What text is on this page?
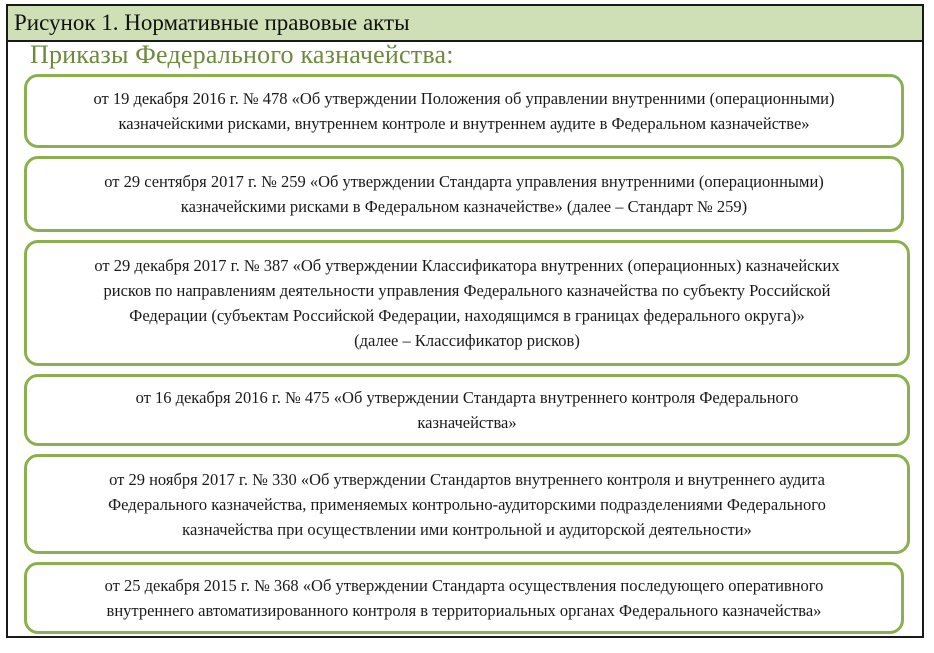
Рисунок 1. Нормативные правовые акты
Приказы Федерального казначейства:
от 19 декабря 2016 г. № 478 «Об утверждении Положения об управлении внутренними (операционными)
казначейскими рисками, внутреннем контроле и внутреннем аудите в Федеральном казначействе»
от 29 сентября 2017 г. № 259 «Об утверждении Стандарта управления внутренними (операционными)
казначейскими рисками в Федеральном казначействе» (далее – Стандарт № 259)
от 29 декабря 2017 г. № 387 «Об утверждении Классификатора внутренних (операционных) казначейских
рисков по направлениям деятельности управления Федерального казначейства по субъекту Российской
Федерации (субъектам Российской Федерации, находящимся в границах федерального округа)»
(далее – Классификатор рисков)
от 16 декабря 2016 г. № 475 «Об утверждении Стандарта внутреннего контроля Федерального
казначейства»
от 29 ноября 2017 г. № 330 «Об утверждении Стандартов внутреннего контроля и внутреннего аудита
Федерального казначейства, применяемых контрольно-аудиторскими подразделениями Федерального
казначейства при осуществлении ими контрольной и аудиторской деятельности»
от 25 декабря 2015 г. № 368 «Об утверждении Стандарта осуществления последующего оперативного
внутреннего автоматизированного контроля в территориальных органах Федерального казначейства»
